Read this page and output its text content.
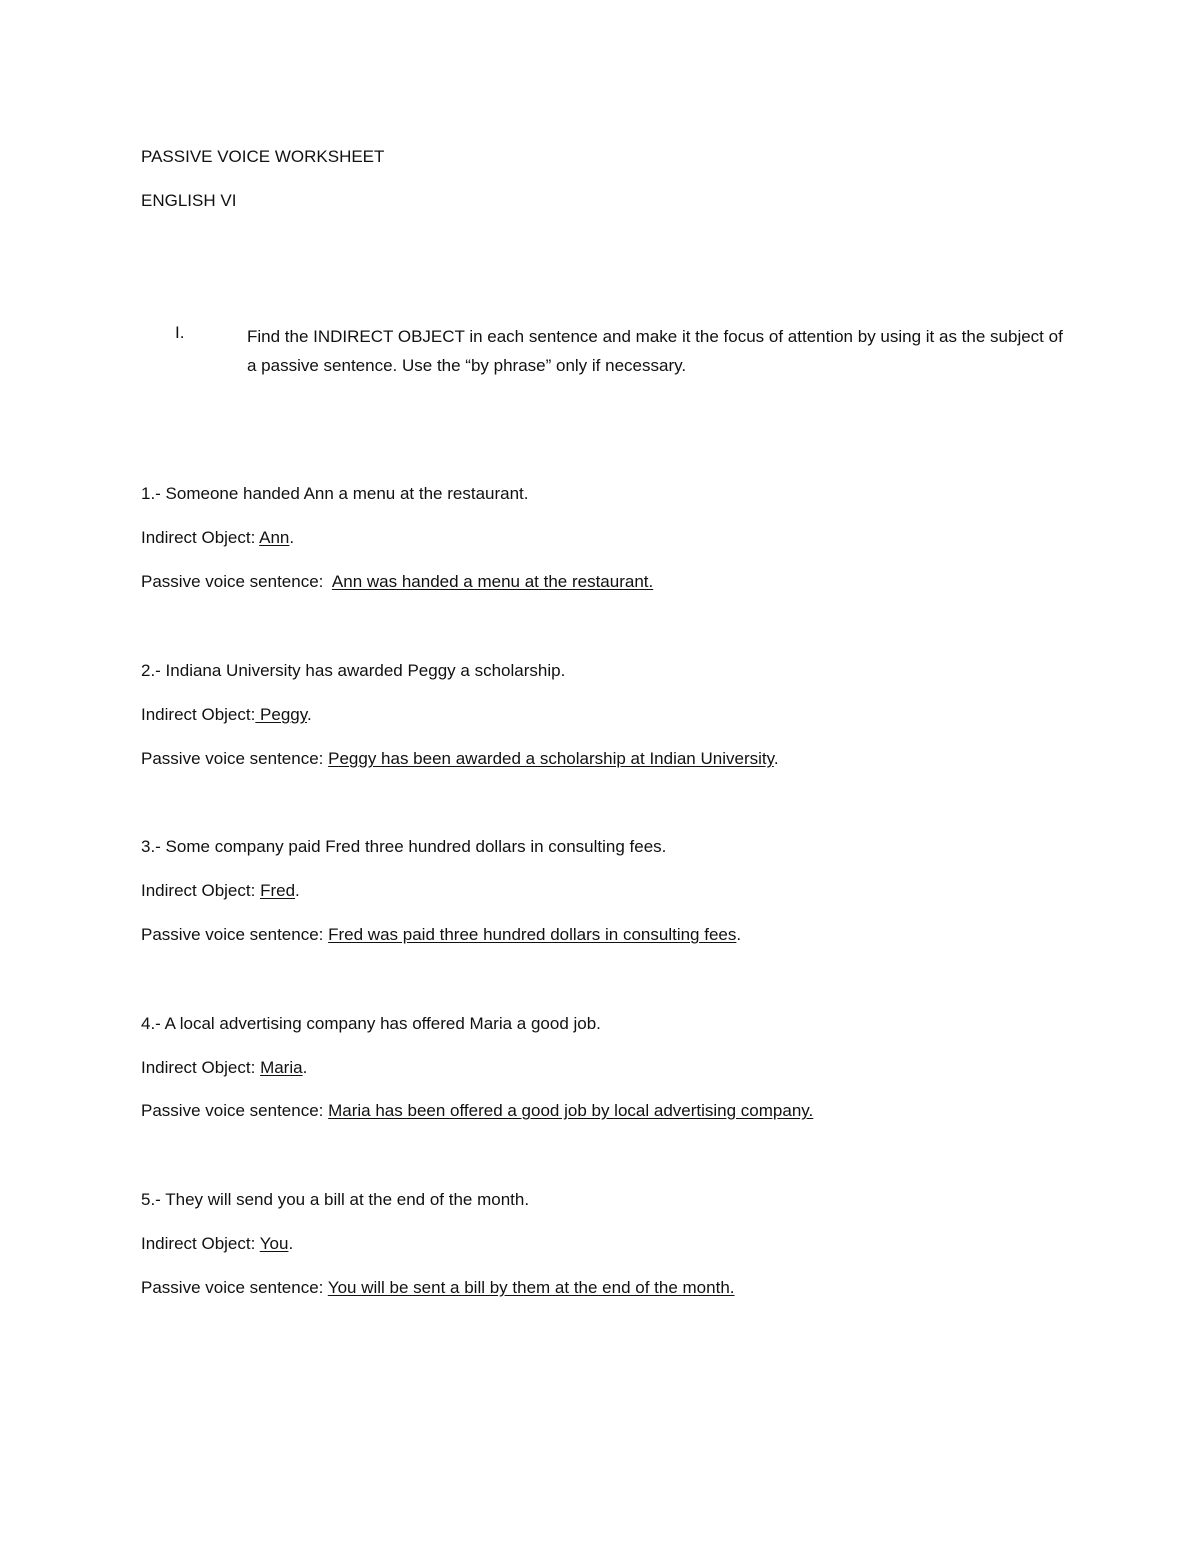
PASSIVE VOICE WORKSHEET
ENGLISH VI
I.	Find the INDIRECT OBJECT in each sentence and make it the focus of attention by using it as the subject of a passive sentence. Use the “by phrase” only if necessary.
1.- Someone handed Ann a menu at the restaurant.
Indirect Object: Ann.
Passive voice sentence: Ann was handed a menu at the restaurant.
2.- Indiana University has awarded Peggy a scholarship.
Indirect Object: Peggy.
Passive voice sentence: Peggy has been awarded a scholarship at Indian University.
3.- Some company paid Fred three hundred dollars in consulting fees.
Indirect Object: Fred.
Passive voice sentence: Fred was paid three hundred dollars in consulting fees.
4.- A local advertising company has offered Maria a good job.
Indirect Object: Maria.
Passive voice sentence: Maria has been offered a good job by local advertising company.
5.- They will send you a bill at the end of the month.
Indirect Object: You.
Passive voice sentence: You will be sent a bill by them at the end of the month.
